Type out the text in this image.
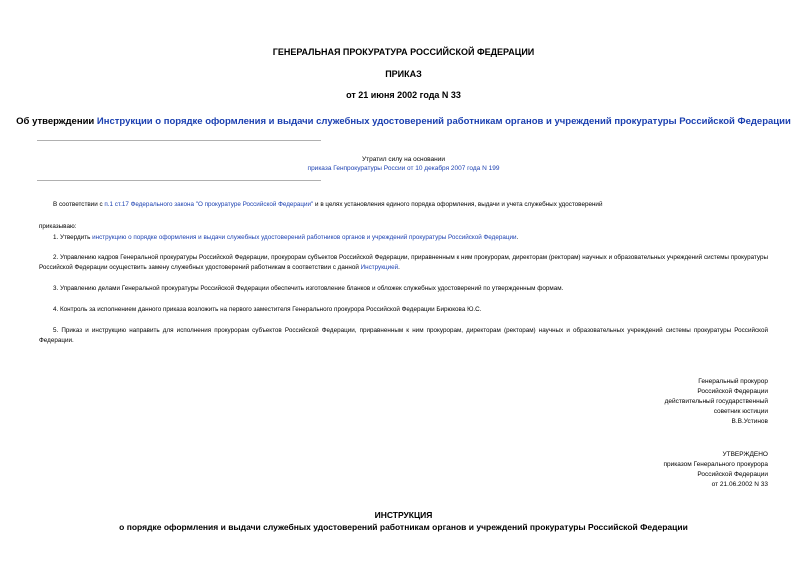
ГЕНЕРАЛЬНАЯ ПРОКУРАТУРА РОССИЙСКОЙ ФЕДЕРАЦИИ
ПРИКАЗ
от 21 июня 2002 года N 33
Об утверждении Инструкции о порядке оформления и выдачи служебных удостоверений работникам органов и учреждений прокуратуры Российской Федерации
Утратил силу на основании
приказа Генпрокуратуры России от 10 декабря 2007 года N 199
В соответствии с п.1 ст.17 Федерального закона "О прокуратуре Российской Федерации" и в целях установления единого порядка оформления, выдачи и учета служебных удостоверений
приказываю:
1. Утвердить инструкцию о порядке оформления и выдачи служебных удостоверений работников органов и учреждений прокуратуры Российской Федерации.
2. Управлению кадров Генеральной прокуратуры Российской Федерации, прокурорам субъектов Российской Федерации, приравненным к ним прокурорам, директорам (ректорам) научных и образовательных учреждений системы прокуратуры Российской Федерации осуществить замену служебных удостоверений работникам в соответствии с данной Инструкцией.
3. Управлению делами Генеральной прокуратуры Российской Федерации обеспечить изготовление бланков и обложек служебных удостоверений по утвержденным формам.
4. Контроль за исполнением данного приказа возложить на первого заместителя Генерального прокурора Российской Федерации Бирюкова Ю.С.
5. Приказ и инструкцию направить для исполнения прокурорам субъектов Российской Федерации, приравненным к ним прокурорам, директорам (ректорам) научных и образовательных учреждений системы прокуратуры Российской Федерации.
Генеральный прокурор
Российской Федерации
действительный государственный
советник юстиции
В.В.Устинов
УТВЕРЖДЕНО
приказом Генерального прокурора
Российской Федерации
от 21.06.2002 N 33
ИНСТРУКЦИЯ
о порядке оформления и выдачи служебных удостоверений работникам органов и учреждений прокуратуры Российской Федерации
